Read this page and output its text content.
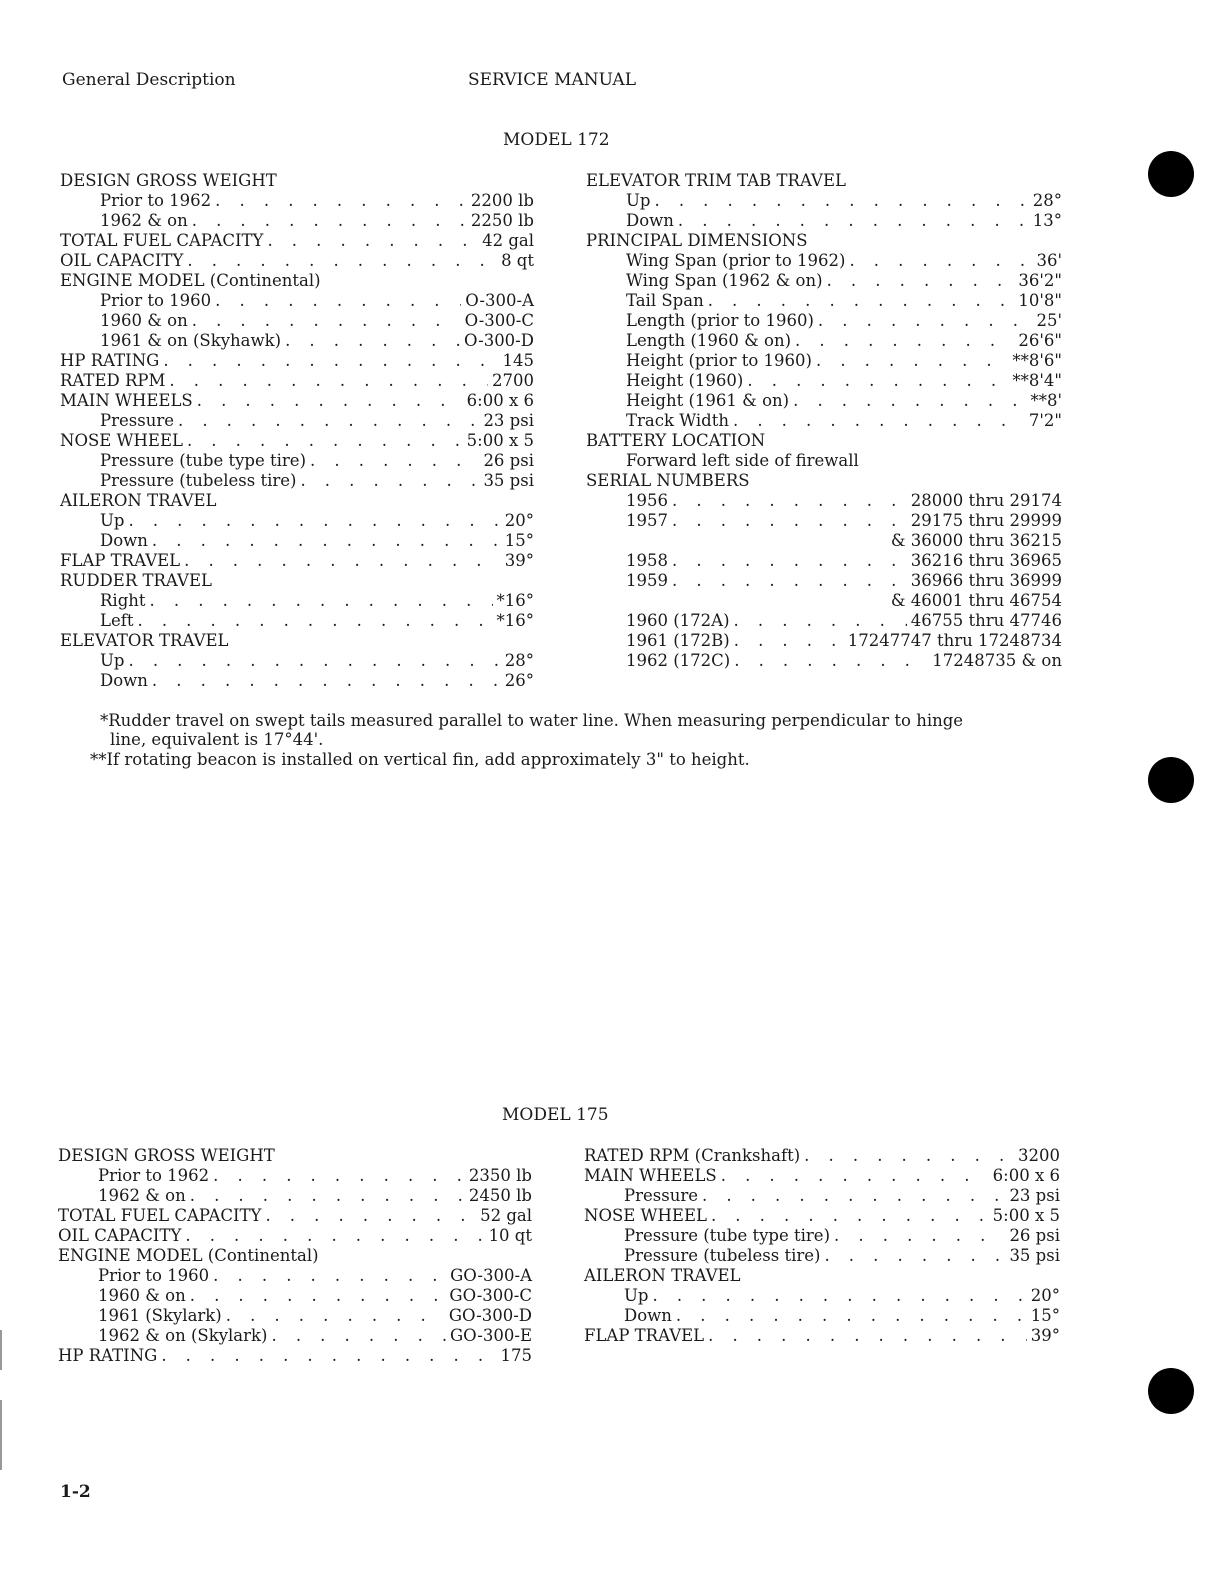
General Description	SERVICE MANUAL
MODEL 172
DESIGN GROSS WEIGHT
Prior to 1962 . . .	2200 lb
1962 & on . . .	2250 lb
TOTAL FUEL CAPACITY . . .	42 gal
OIL CAPACITY . . .	8 qt
ENGINE MODEL (Continental)
Prior to 1960 . . .	O-300-A
1960 & on . . .	O-300-C
1961 & on (Skyhawk) . . .	O-300-D
HP RATING . . .	145
RATED RPM . . .	2700
MAIN WHEELS . . .	6:00 x 6
Pressure . . .	23 psi
NOSE WHEEL . . .	5:00 x 5
Pressure (tube type tire) . . .	26 psi
Pressure (tubeless tire) . . .	35 psi
AILERON TRAVEL
Up . . .	20°
Down . . .	15°
FLAP TRAVEL . . .	39°
RUDDER TRAVEL
Right . . .	*16°
Left . . .	*16°
ELEVATOR TRAVEL
Up . . .	28°
Down . . .	26°
ELEVATOR TRIM TAB TRAVEL
Up . . .	28°
Down . . .	13°
PRINCIPAL DIMENSIONS
Wing Span (prior to 1962) . . .	36'
Wing Span (1962 & on) . . .	36'2"
Tail Span . . .	10'8"
Length (prior to 1960) . . .	25'
Length (1960 & on) . . .	26'6"
Height (prior to 1960) . . .	**8'6"
Height (1960) . . .	**8'4"
Height (1961 & on) . . .	**8'
Track Width . . .	7'2"
BATTERY LOCATION
Forward left side of firewall
SERIAL NUMBERS
1956 . . .	28000 thru 29174
1957 . . .	29175 thru 29999
& 36000 thru 36215
1958 . . .	36216 thru 36965
1959 . . .	36966 thru 36999
& 46001 thru 46754
1960 (172A) . . .	46755 thru 47746
1961 (172B) . . .	17247747 thru 17248734
1962 (172C) . . .	17248735 & on
*Rudder travel on swept tails measured parallel to water line. When measuring perpendicular to hinge
line, equivalent is 17°44'.
**If rotating beacon is installed on vertical fin, add approximately 3" to height.
MODEL 175
DESIGN GROSS WEIGHT
Prior to 1962 . . .	2350 lb
1962 & on . . .	2450 lb
TOTAL FUEL CAPACITY . . .	52 gal
OIL CAPACITY . . .	10 qt
ENGINE MODEL (Continental)
Prior to 1960 . . .	GO-300-A
1960 & on . . .	GO-300-C
1961 (Skylark) . . .	GO-300-D
1962 & on (Skylark) . . .	GO-300-E
HP RATING . . .	175
RATED RPM (Crankshaft) . . .	3200
MAIN WHEELS . . .	6:00 x 6
Pressure . . .	23 psi
NOSE WHEEL . . .	5:00 x 5
Pressure (tube type tire) . . .	26 psi
Pressure (tubeless tire) . . .	35 psi
AILERON TRAVEL
Up . . .	20°
Down . . .	15°
FLAP TRAVEL . . .	39°
1-2
